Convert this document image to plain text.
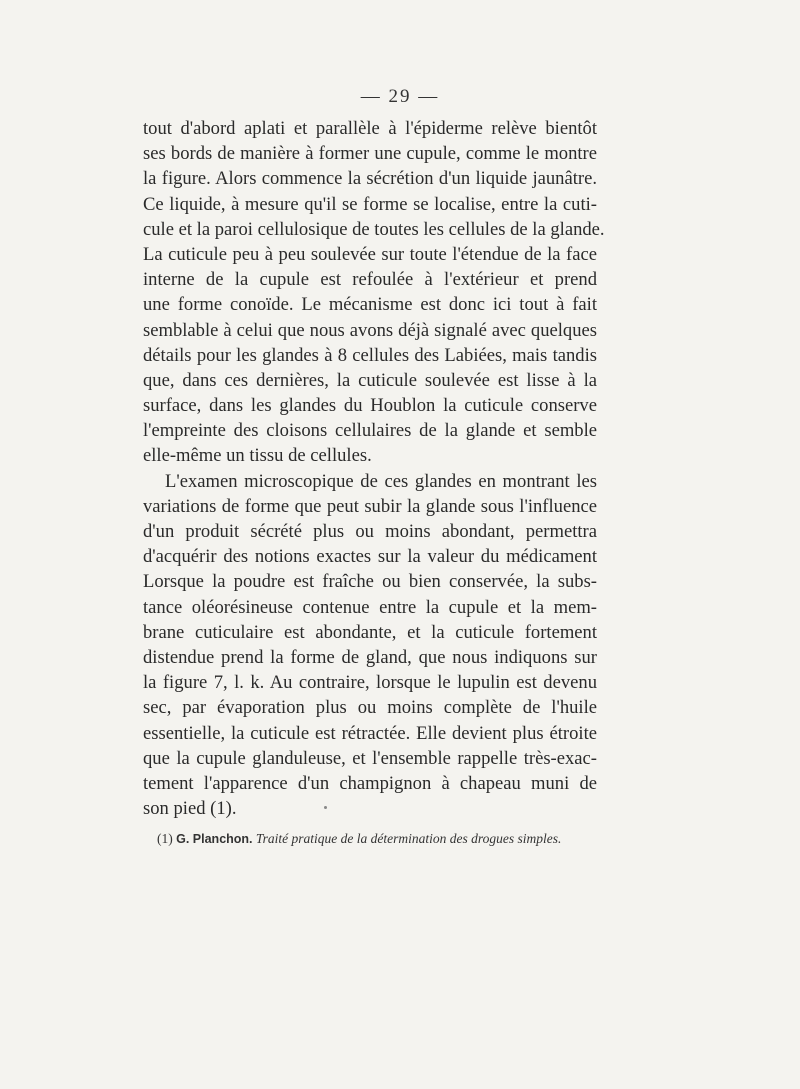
— 29 —
tout d'abord aplati et parallèle à l'épiderme relève bientôt
ses bords de manière à former une cupule, comme le montre
la figure. Alors commence la sécrétion d'un liquide jaunâtre.
Ce liquide, à mesure qu'il se forme se localise, entre la cuti-
cule et la paroi cellulosique de toutes les cellules de la glande.
La cuticule peu à peu soulevée sur toute l'étendue de la face
interne de la cupule est refoulée à l'extérieur et prend
une forme conoïde. Le mécanisme est donc ici tout à fait
semblable à celui que nous avons déjà signalé avec quelques
détails pour les glandes à 8 cellules des Labiées, mais tandis
que, dans ces dernières, la cuticule soulevée est lisse à la
surface, dans les glandes du Houblon la cuticule conserve
l'empreinte des cloisons cellulaires de la glande et semble
elle-même un tissu de cellules.
L'examen microscopique de ces glandes en montrant les
variations de forme que peut subir la glande sous l'influence
d'un produit sécrété plus ou moins abondant, permettra
d'acquérir des notions exactes sur la valeur du médicament
Lorsque la poudre est fraîche ou bien conservée, la subs-
tance oléorésineuse contenue entre la cupule et la mem-
brane cuticulaire est abondante, et la cuticule fortement
distendue prend la forme de gland, que nous indiquons sur
la figure 7, l. k. Au contraire, lorsque le lupulin est devenu
sec, par évaporation plus ou moins complète de l'huile
essentielle, la cuticule est rétractée. Elle devient plus étroite
que la cupule glanduleuse, et l'ensemble rappelle très-exac-
tement l'apparence d'un champignon à chapeau muni de
son pied (1).
(1) G. Planchon. Traité pratique de la détermination des drogues simples.
